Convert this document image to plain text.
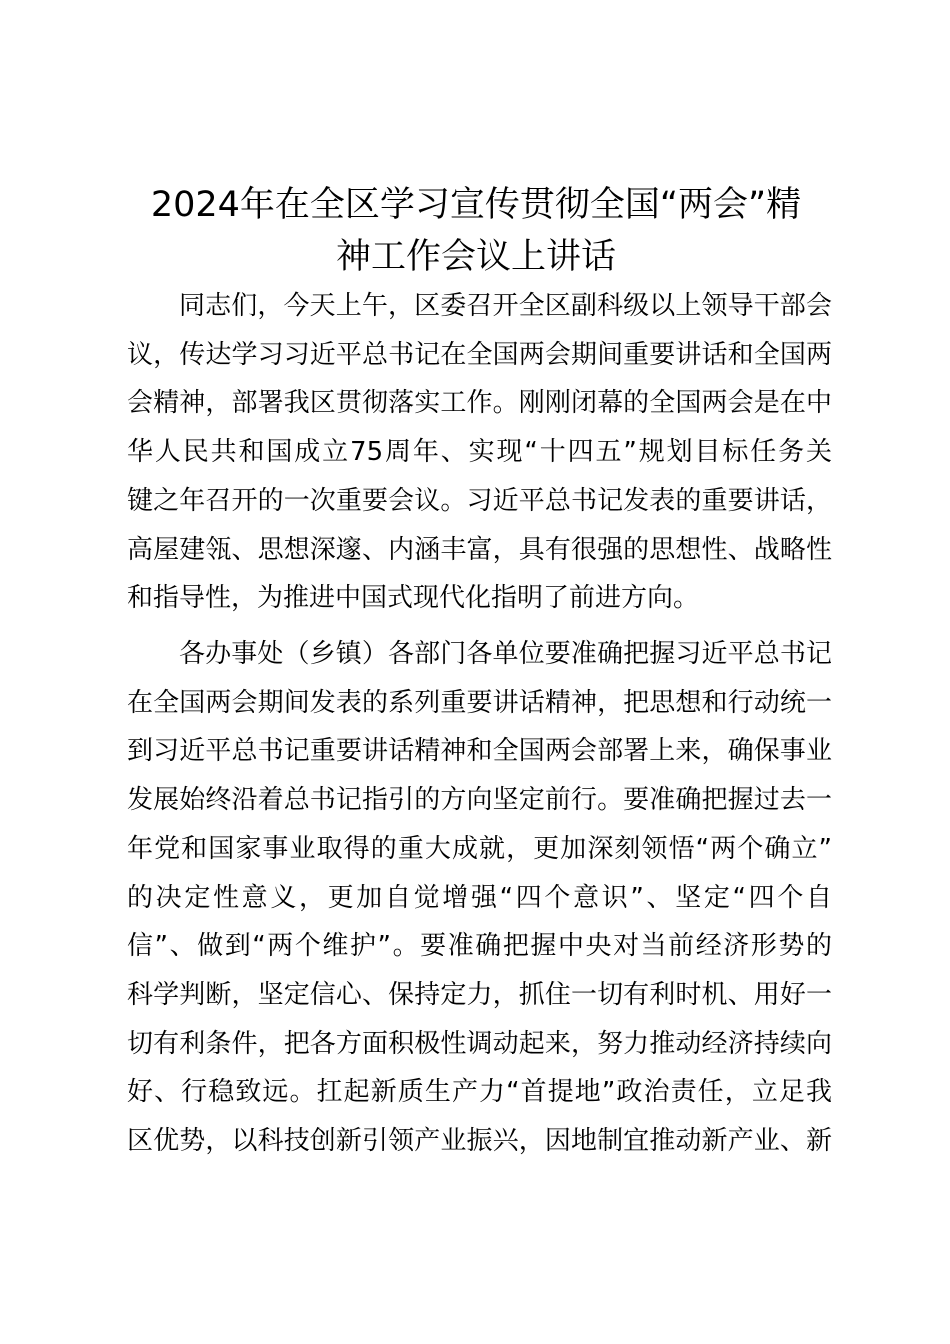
2024年在全区学习宣传贯彻全国“两会”精
神工作会议上讲话
同志们，今天上午，区委召开全区副科级以上领导干部会
议，传达学习习近平总书记在全国两会期间重要讲话和全国两
会精神，部署我区贯彻落实工作。刚刚闭幕的全国两会是在中
华人民共和国成立75周年、实现“十四五”规划目标任务关
键之年召开的一次重要会议。习近平总书记发表的重要讲话，
高屋建瓴、思想深邃、内涵丰富，具有很强的思想性、战略性
和指导性，为推进中国式现代化指明了前进方向。
各办事处（乡镇）各部门各单位要准确把握习近平总书记
在全国两会期间发表的系列重要讲话精神，把思想和行动统一
到习近平总书记重要讲话精神和全国两会部署上来，确保事业
发展始终沿着总书记指引的方向坚定前行。要准确把握过去一
年党和国家事业取得的重大成就，更加深刻领悟“两个确立”
的决定性意义，更加自觉增强“四个意识”、坚定“四个自
信”、做到“两个维护”。要准确把握中央对当前经济形势的
科学判断，坚定信心、保持定力，抓住一切有利时机、用好一
切有利条件，把各方面积极性调动起来，努力推动经济持续向
好、行稳致远。扛起新质生产力“首提地”政治责任，立足我
区优势，以科技创新引领产业振兴，因地制宜推动新产业、新
